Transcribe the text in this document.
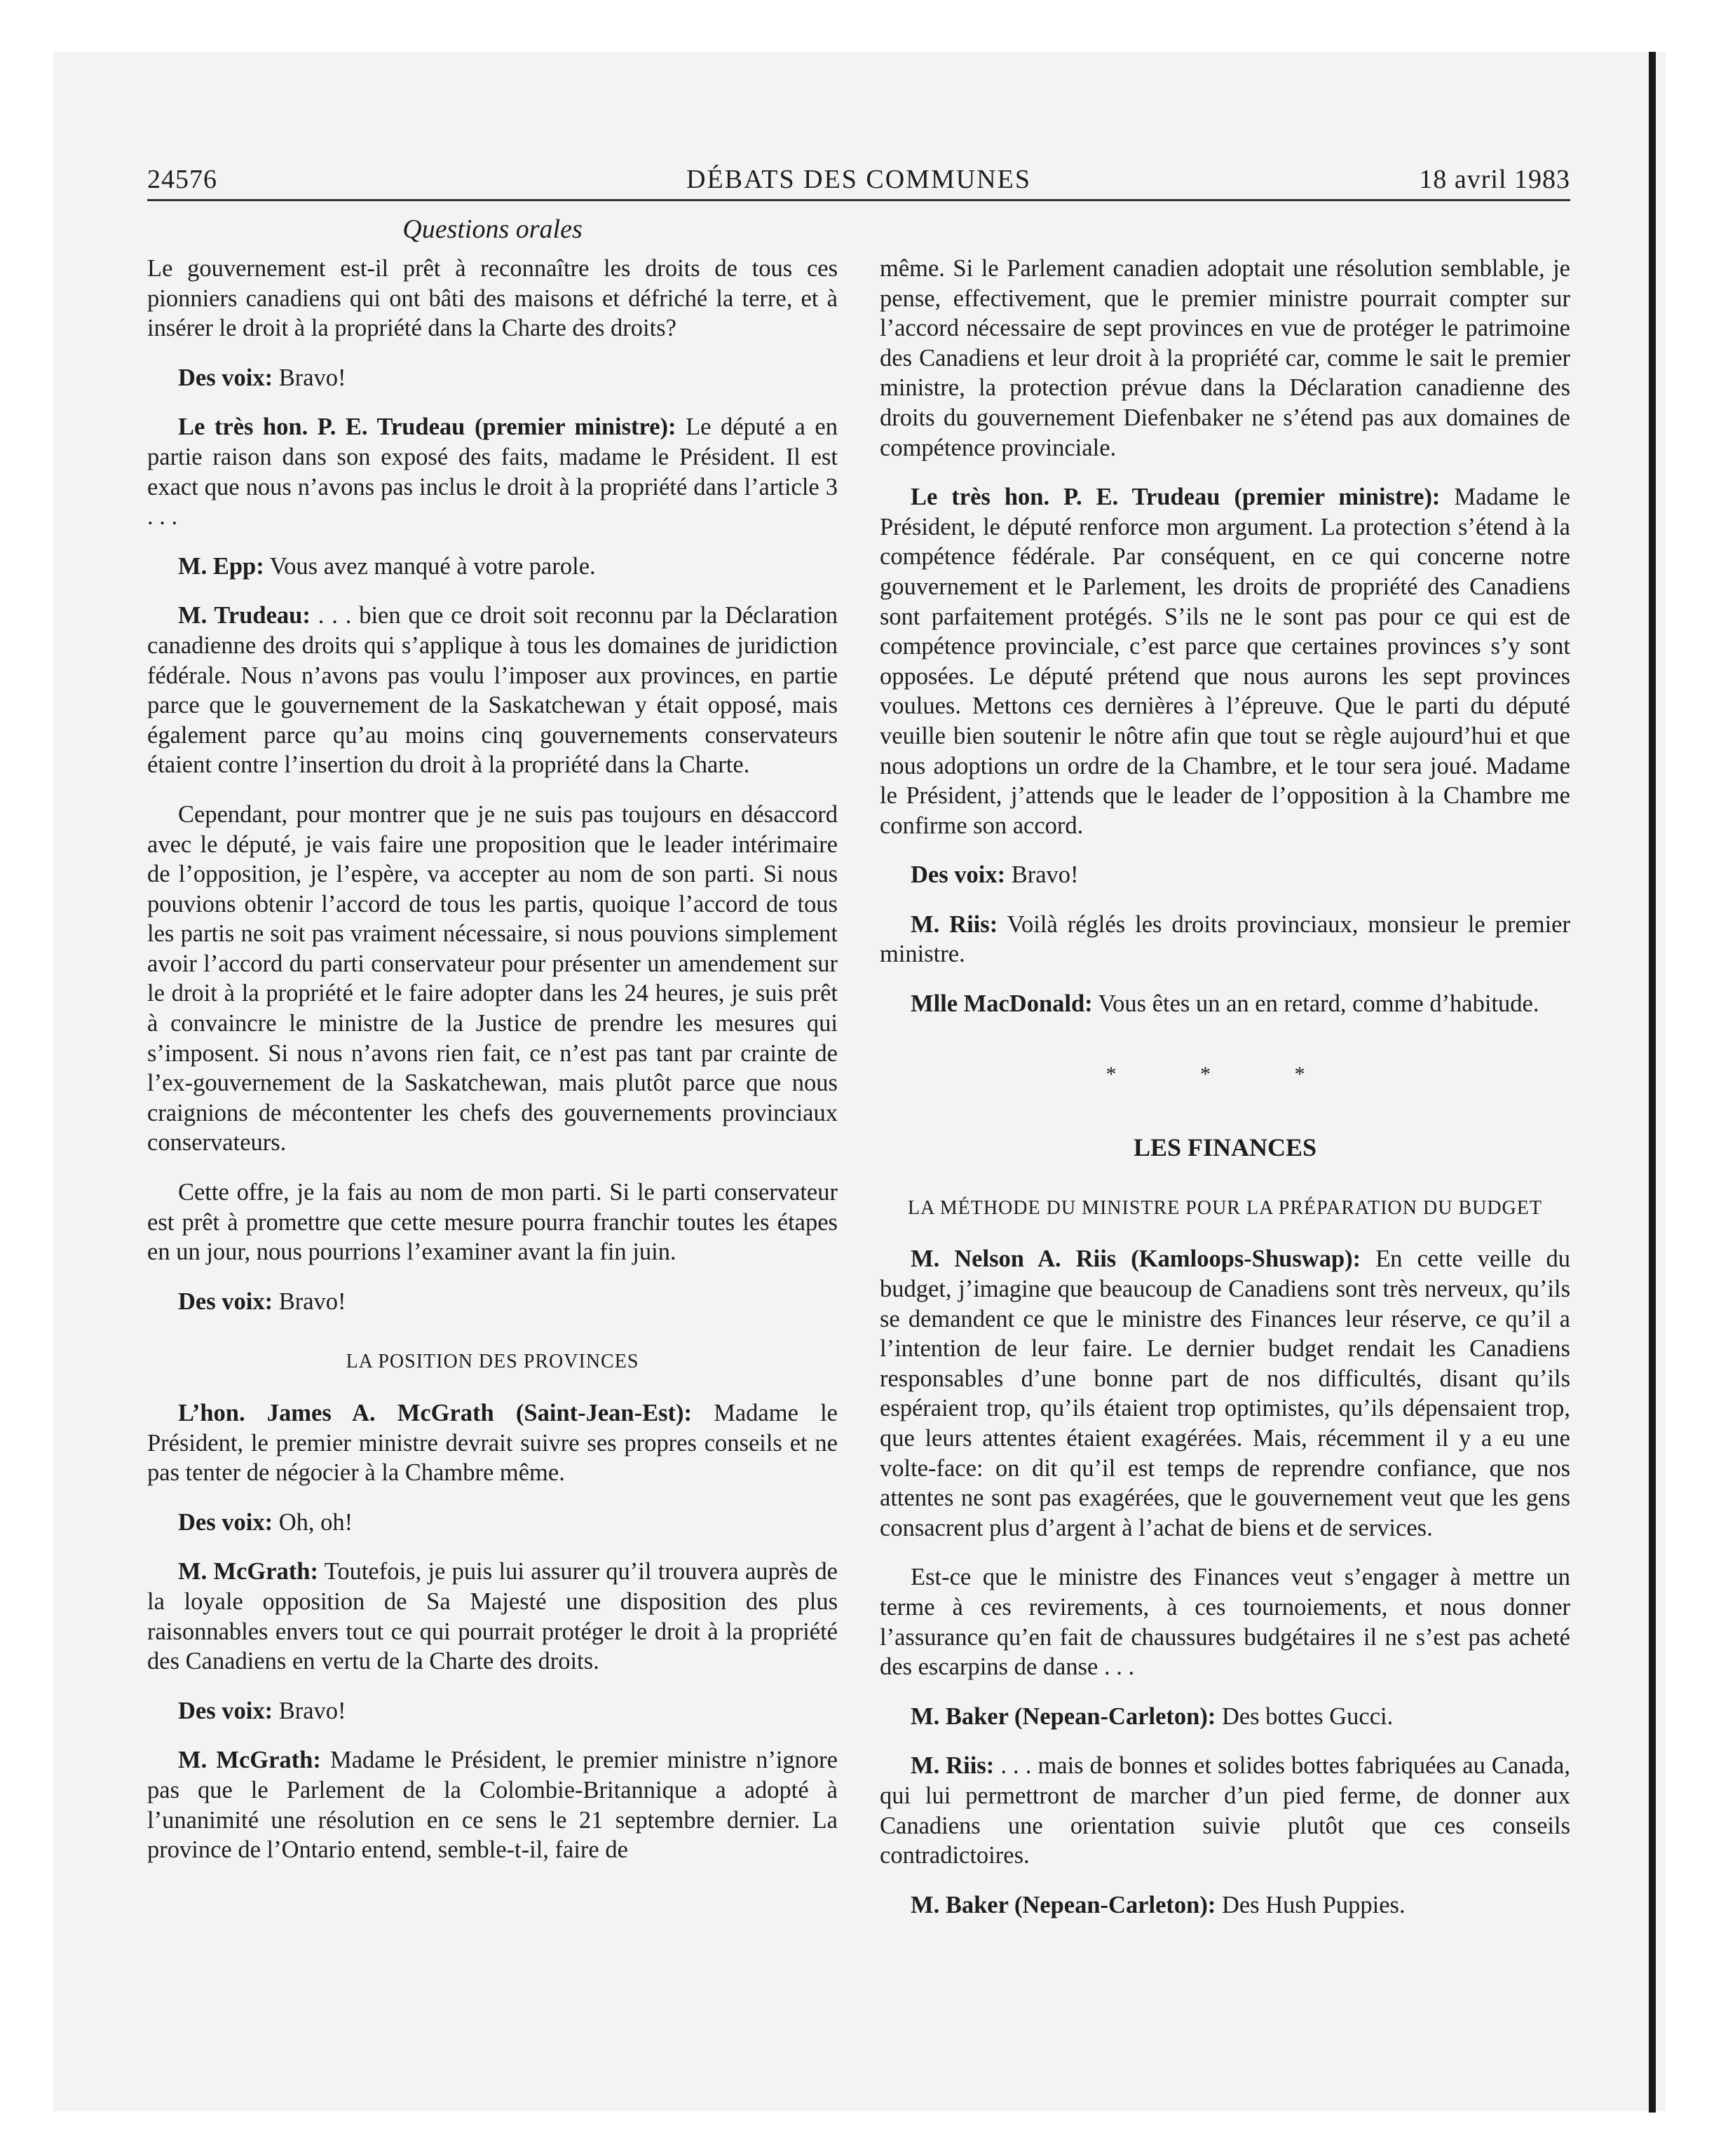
24576	DÉBATS DES COMMUNES	18 avril 1983
Questions orales

Le gouvernement est-il prêt à reconnaître les droits de tous ces pionniers canadiens qui ont bâti des maisons et défriché la terre, et à insérer le droit à la propriété dans la Charte des droits?

Des voix: Bravo!

Le très hon. P. E. Trudeau (premier ministre): Le député a en partie raison dans son exposé des faits, madame le Président. Il est exact que nous n’avons pas inclus le droit à la propriété dans l’article 3 . . .

M. Epp: Vous avez manqué à votre parole.

M. Trudeau: . . . bien que ce droit soit reconnu par la Déclaration canadienne des droits qui s’applique à tous les domaines de juridiction fédérale. Nous n’avons pas voulu l’imposer aux provinces, en partie parce que le gouvernement de la Saskatchewan y était opposé, mais également parce qu’au moins cinq gouvernements conservateurs étaient contre l’insertion du droit à la propriété dans la Charte.

Cependant, pour montrer que je ne suis pas toujours en désaccord avec le député, je vais faire une proposition que le leader intérimaire de l’opposition, je l’espère, va accepter au nom de son parti. Si nous pouvions obtenir l’accord de tous les partis, quoique l’accord de tous les partis ne soit pas vraiment nécessaire, si nous pouvions simplement avoir l’accord du parti conservateur pour présenter un amendement sur le droit à la propriété et le faire adopter dans les 24 heures, je suis prêt à convaincre le ministre de la Justice de prendre les mesures qui s’imposent. Si nous n’avons rien fait, ce n’est pas tant par crainte de l’ex-gouvernement de la Saskatchewan, mais plutôt parce que nous craignions de mécontenter les chefs des gouvernements provinciaux conservateurs.

Cette offre, je la fais au nom de mon parti. Si le parti conservateur est prêt à promettre que cette mesure pourra franchir toutes les étapes en un jour, nous pourrions l’examiner avant la fin juin.

Des voix: Bravo!

LA POSITION DES PROVINCES

L’hon. James A. McGrath (Saint-Jean-Est): Madame le Président, le premier ministre devrait suivre ses propres conseils et ne pas tenter de négocier à la Chambre même.

Des voix: Oh, oh!

M. McGrath: Toutefois, je puis lui assurer qu’il trouvera auprès de la loyale opposition de Sa Majesté une disposition des plus raisonnables envers tout ce qui pourrait protéger le droit à la propriété des Canadiens en vertu de la Charte des droits.

Des voix: Bravo!

M. McGrath: Madame le Président, le premier ministre n’ignore pas que le Parlement de la Colombie-Britannique a adopté à l’unanimité une résolution en ce sens le 21 septembre dernier. La province de l’Ontario entend, semble-t-il, faire de

même. Si le Parlement canadien adoptait une résolution semblable, je pense, effectivement, que le premier ministre pourrait compter sur l’accord nécessaire de sept provinces en vue de protéger le patrimoine des Canadiens et leur droit à la propriété car, comme le sait le premier ministre, la protection prévue dans la Déclaration canadienne des droits du gouvernement Diefenbaker ne s’étend pas aux domaines de compétence provinciale.

Le très hon. P. E. Trudeau (premier ministre): Madame le Président, le député renforce mon argument. La protection s’étend à la compétence fédérale. Par conséquent, en ce qui concerne notre gouvernement et le Parlement, les droits de propriété des Canadiens sont parfaitement protégés. S’ils ne le sont pas pour ce qui est de compétence provinciale, c’est parce que certaines provinces s’y sont opposées. Le député prétend que nous aurons les sept provinces voulues. Mettons ces dernières à l’épreuve. Que le parti du député veuille bien soutenir le nôtre afin que tout se règle aujourd’hui et que nous adoptions un ordre de la Chambre, et le tour sera joué. Madame le Président, j’attends que le leader de l’opposition à la Chambre me confirme son accord.

Des voix: Bravo!

M. Riis: Voilà réglés les droits provinciaux, monsieur le premier ministre.

Mlle MacDonald: Vous êtes un an en retard, comme d’habitude.

* * *
LES FINANCES
LA MÉTHODE DU MINISTRE POUR LA PRÉPARATION DU BUDGET

M. Nelson A. Riis (Kamloops-Shuswap): En cette veille du budget, j’imagine que beaucoup de Canadiens sont très nerveux, qu’ils se demandent ce que le ministre des Finances leur réserve, ce qu’il a l’intention de leur faire. Le dernier budget rendait les Canadiens responsables d’une bonne part de nos difficultés, disant qu’ils espéraient trop, qu’ils étaient trop optimistes, qu’ils dépensaient trop, que leurs attentes étaient exagérées. Mais, récemment il y a eu une volte-face: on dit qu’il est temps de reprendre confiance, que nos attentes ne sont pas exagérées, que le gouvernement veut que les gens consacrent plus d’argent à l’achat de biens et de services.

Est-ce que le ministre des Finances veut s’engager à mettre un terme à ces revirements, à ces tournoiements, et nous donner l’assurance qu’en fait de chaussures budgétaires il ne s’est pas acheté des escarpins de danse . . .

M. Baker (Nepean-Carleton): Des bottes Gucci.

M. Riis: . . . mais de bonnes et solides bottes fabriquées au Canada, qui lui permettront de marcher d’un pied ferme, de donner aux Canadiens une orientation suivie plutôt que ces conseils contradictoires.

M. Baker (Nepean-Carleton): Des Hush Puppies.
